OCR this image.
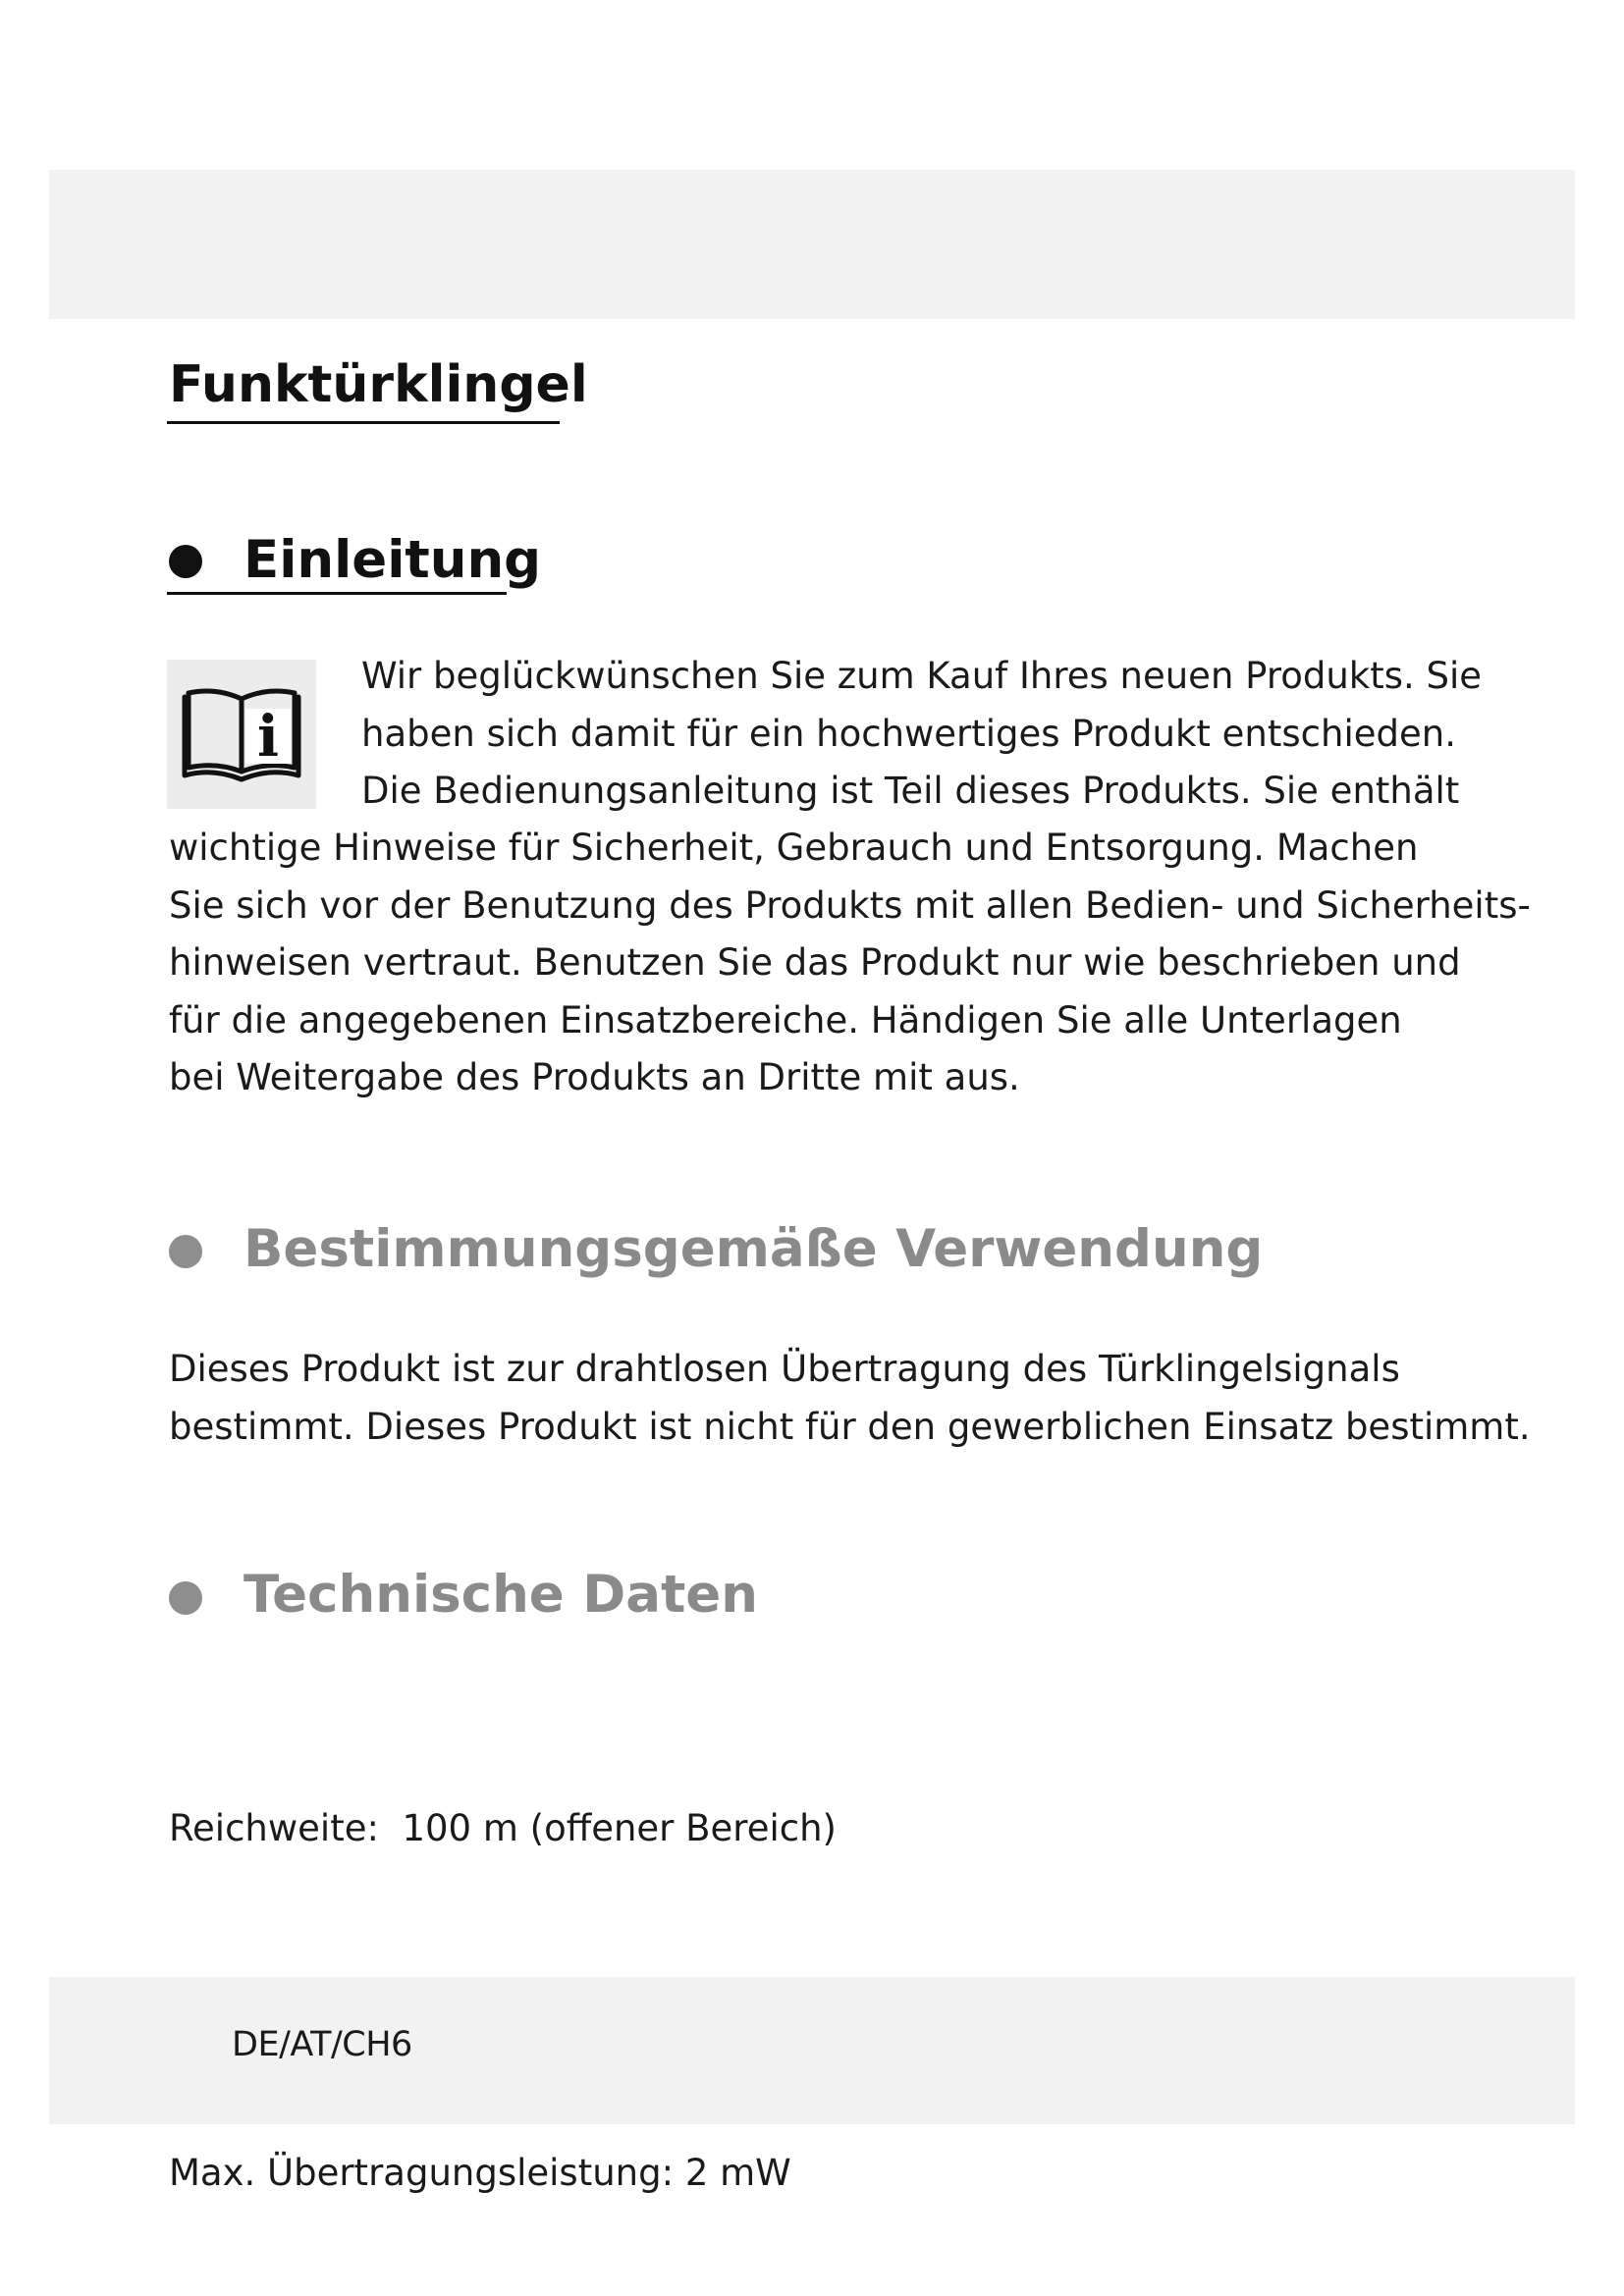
Funktürklingel
Einleitung
i

Wir beglückwünschen Sie zum Kauf Ihres neuen Produkts. Sie
haben sich damit für ein hochwertiges Produkt entschieden.
Die Bedienungsanleitung ist Teil dieses Produkts. Sie enthält

wichtige Hinweise für Sicherheit, Gebrauch und Entsorgung. Machen
Sie sich vor der Benutzung des Produkts mit allen Bedien- und Sicherheits-
hinweisen vertraut. Benutzen Sie das Produkt nur wie beschrieben und
für die angegebenen Einsatzbereiche. Händigen Sie alle Unterlagen
bei Weitergabe des Produkts an Dritte mit aus.

Bestimmungsgemäße Verwendung

Dieses Produkt ist zur drahtlosen Übertragung des Türklingelsignals
bestimmt. Dieses Produkt ist nicht für den gewerblichen Einsatz bestimmt.

Technische Daten

Reichweite:  100 m (offener Bereich)

Max. Übertragungsleistung: 2 mW

DE/AT/CH6
